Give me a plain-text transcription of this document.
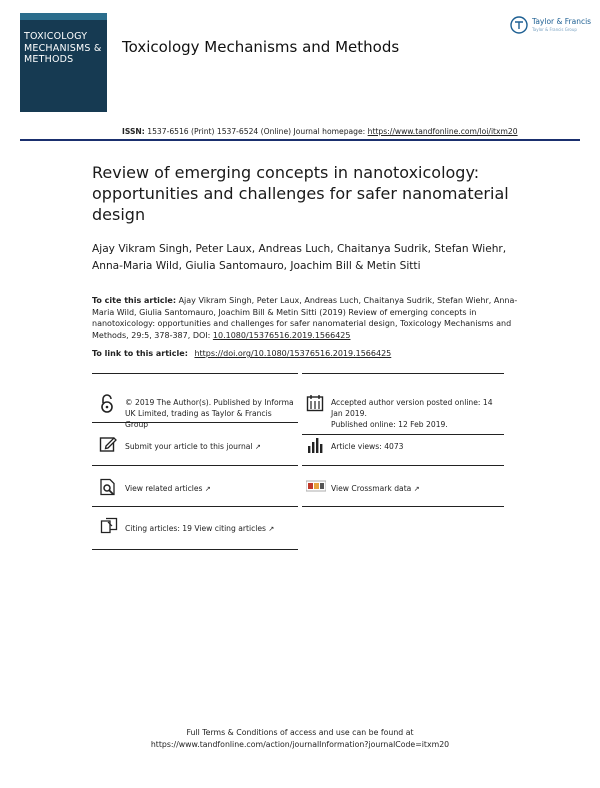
TOXICOLOGY MECHANISMS & METHODS
Toxicology Mechanisms and Methods
Taylor & Francis
Taylor & Francis Group
ISSN: 1537-6516 (Print) 1537-6524 (Online) Journal homepage: https://www.tandfonline.com/loi/itxm20
Review of emerging concepts in nanotoxicology: opportunities and challenges for safer nanomaterial design
Ajay Vikram Singh, Peter Laux, Andreas Luch, Chaitanya Sudrik, Stefan Wiehr, Anna-Maria Wild, Giulia Santomauro, Joachim Bill & Metin Sitti
To cite this article: Ajay Vikram Singh, Peter Laux, Andreas Luch, Chaitanya Sudrik, Stefan Wiehr, Anna-Maria Wild, Giulia Santomauro, Joachim Bill & Metin Sitti (2019) Review of emerging concepts in nanotoxicology: opportunities and challenges for safer nanomaterial design, Toxicology Mechanisms and Methods, 29:5, 378-387, DOI: 10.1080/15376516.2019.1566425
To link to this article: https://doi.org/10.1080/15376516.2019.1566425
© 2019 The Author(s). Published by Informa UK Limited, trading as Taylor & Francis Group
Accepted author version posted online: 14 Jan 2019.
Published online: 12 Feb 2019.
Submit your article to this journal ↗	Article views: 4073
View related articles ↗	View Crossmark data ↗
Citing articles: 19 View citing articles ↗
Full Terms & Conditions of access and use can be found at
https://www.tandfonline.com/action/journalInformation?journalCode=itxm20
